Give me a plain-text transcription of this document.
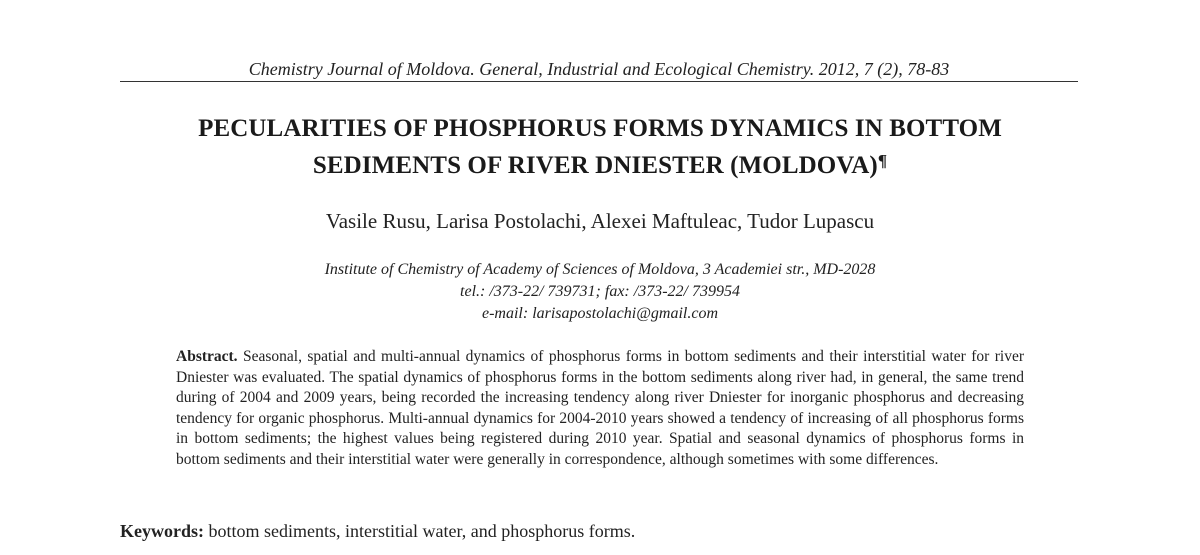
Chemistry Journal of Moldova. General, Industrial and Ecological Chemistry. 2012, 7 (2), 78-83
PECULARITIES OF PHOSPHORUS FORMS DYNAMICS IN BOTTOM
SEDIMENTS OF RIVER DNIESTER (MOLDOVA)¶
Vasile Rusu, Larisa Postolachi, Alexei Maftuleac, Tudor Lupascu
Institute of Chemistry of Academy of Sciences of Moldova, 3 Academiei str., MD-2028
tel.: /373-22/ 739731; fax: /373-22/ 739954
e-mail: larisapostolachi@gmail.com
Abstract. Seasonal, spatial and multi-annual dynamics of phosphorus forms in bottom sediments and their interstitial water for river Dniester was evaluated. The spatial dynamics of phosphorus forms in the bottom sediments along river had, in general, the same trend during of 2004 and 2009 years, being recorded the increasing tendency along river Dniester for inorganic phosphorus and decreasing tendency for organic phosphorus. Multi-annual dynamics for 2004-2010 years showed a tendency of increasing of all phosphorus forms in bottom sediments; the highest values being registered during 2010 year. Spatial and seasonal dynamics of phosphorus forms in bottom sediments and their interstitial water were generally in correspondence, although sometimes with some differences.
Keywords: bottom sediments, interstitial water, and phosphorus forms.
